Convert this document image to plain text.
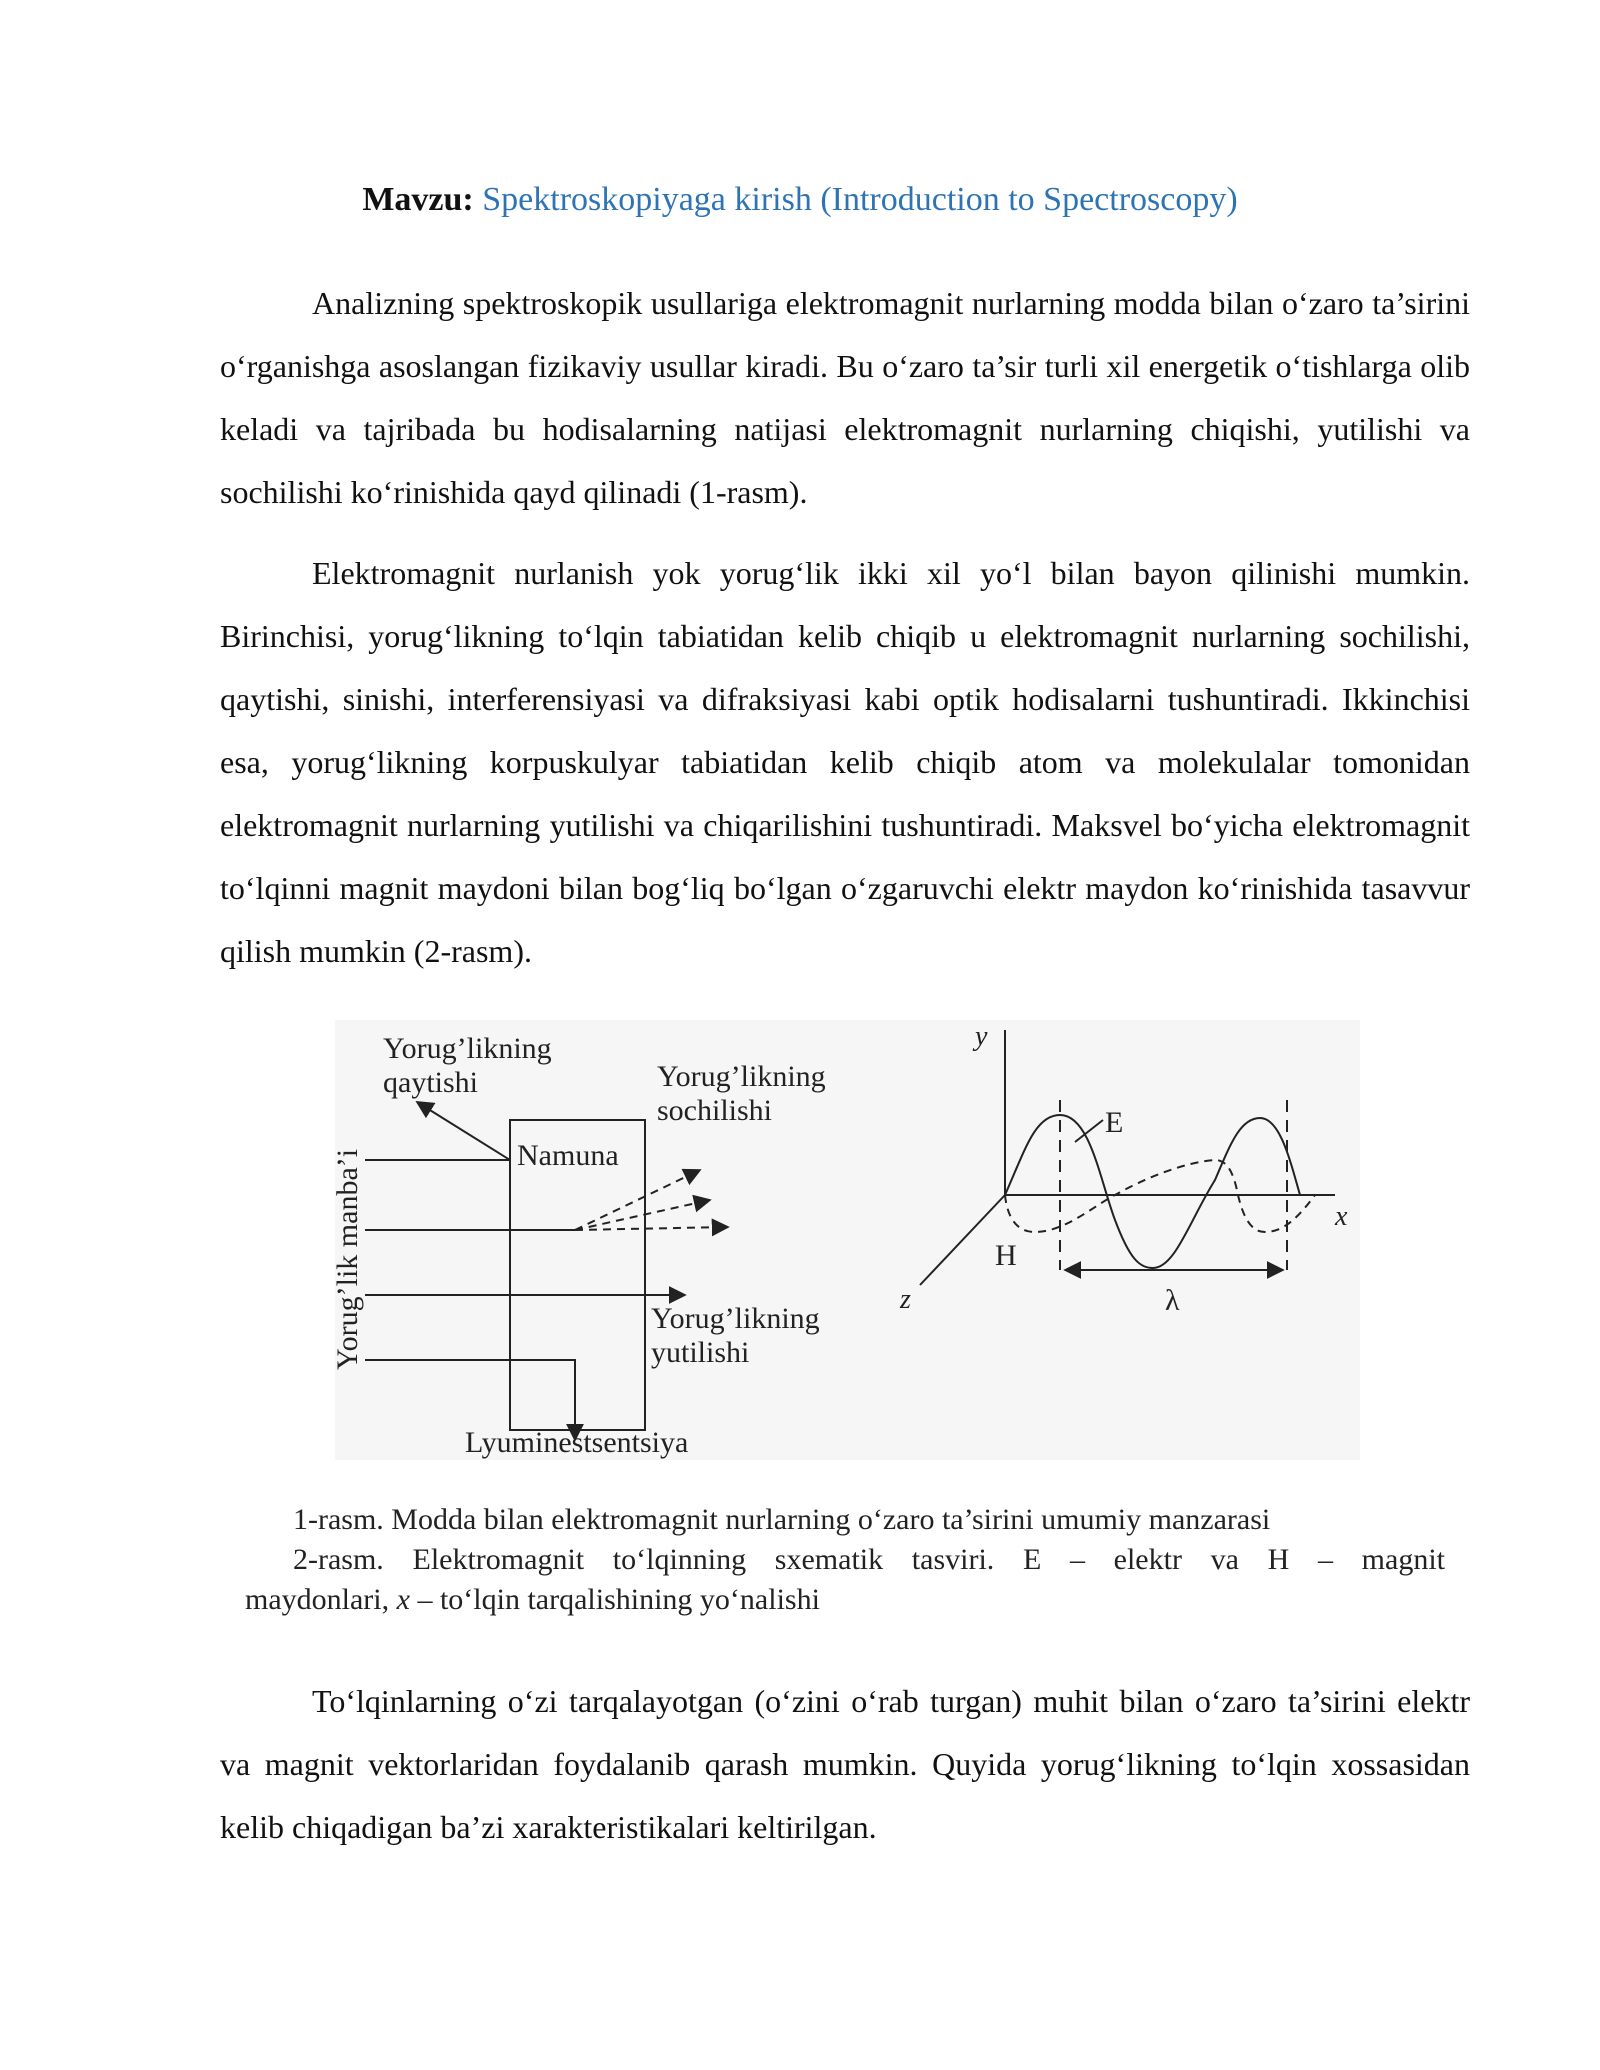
Mavzu: Spektroskopiyaga kirish (Introduction to Spectroscopy)

Analizning spektroskopik usullariga elektromagnit nurlarning modda bilan o‘zaro ta’sirini o‘rganishga asoslangan fizikaviy usullar kiradi. Bu o‘zaro ta’sir turli xil energetik o‘tishlarga olib keladi va tajribada bu hodisalarning natijasi elektromagnit nurlarning chiqishi, yutilishi va sochilishi ko‘rinishida qayd qilinadi (1-rasm).

Elektromagnit nurlanish yok yorug‘lik ikki xil yo‘l bilan bayon qilinishi mumkin. Birinchisi, yorug‘likning to‘lqin tabiatidan kelib chiqib u elektromagnit nurlarning sochilishi, qaytishi, sinishi, interferensiyasi va difraksiyasi kabi optik hodisalarni tushuntiradi. Ikkinchisi esa, yorug‘likning korpuskulyar tabiatidan kelib chiqib atom va molekulalar tomonidan elektromagnit nurlarning yutilishi va chiqarilishini tushuntiradi. Maksvel bo‘yicha elektromagnit to‘lqinni magnit maydoni bilan bog‘liq bo‘lgan o‘zgaruvchi elektr maydon ko‘rinishida tasavvur qilish mumkin (2-rasm).

Yorug’likning
qaytishi	Yorug’likning
sochilishi
Namuna
Yorug’lik manba’i	Yorug’likning
yutilishi
Lyuminestsentsiya
y
x
z
E
H
λ
1-rasm. Modda bilan elektromagnit nurlarning o‘zaro ta’sirini umumiy manzarasi
2-rasm. Elektromagnit to‘lqinning sxematik tasviri. E – elektr va H – magnit
maydonlari, x – to‘lqin tarqalishining yo‘nalishi

To‘lqinlarning o‘zi tarqalayotgan (o‘zini o‘rab turgan) muhit bilan o‘zaro ta’sirini elektr va magnit vektorlaridan foydalanib qarash mumkin. Quyida yorug‘likning to‘lqin xossasidan kelib chiqadigan ba’zi xarakteristikalari keltirilgan.
